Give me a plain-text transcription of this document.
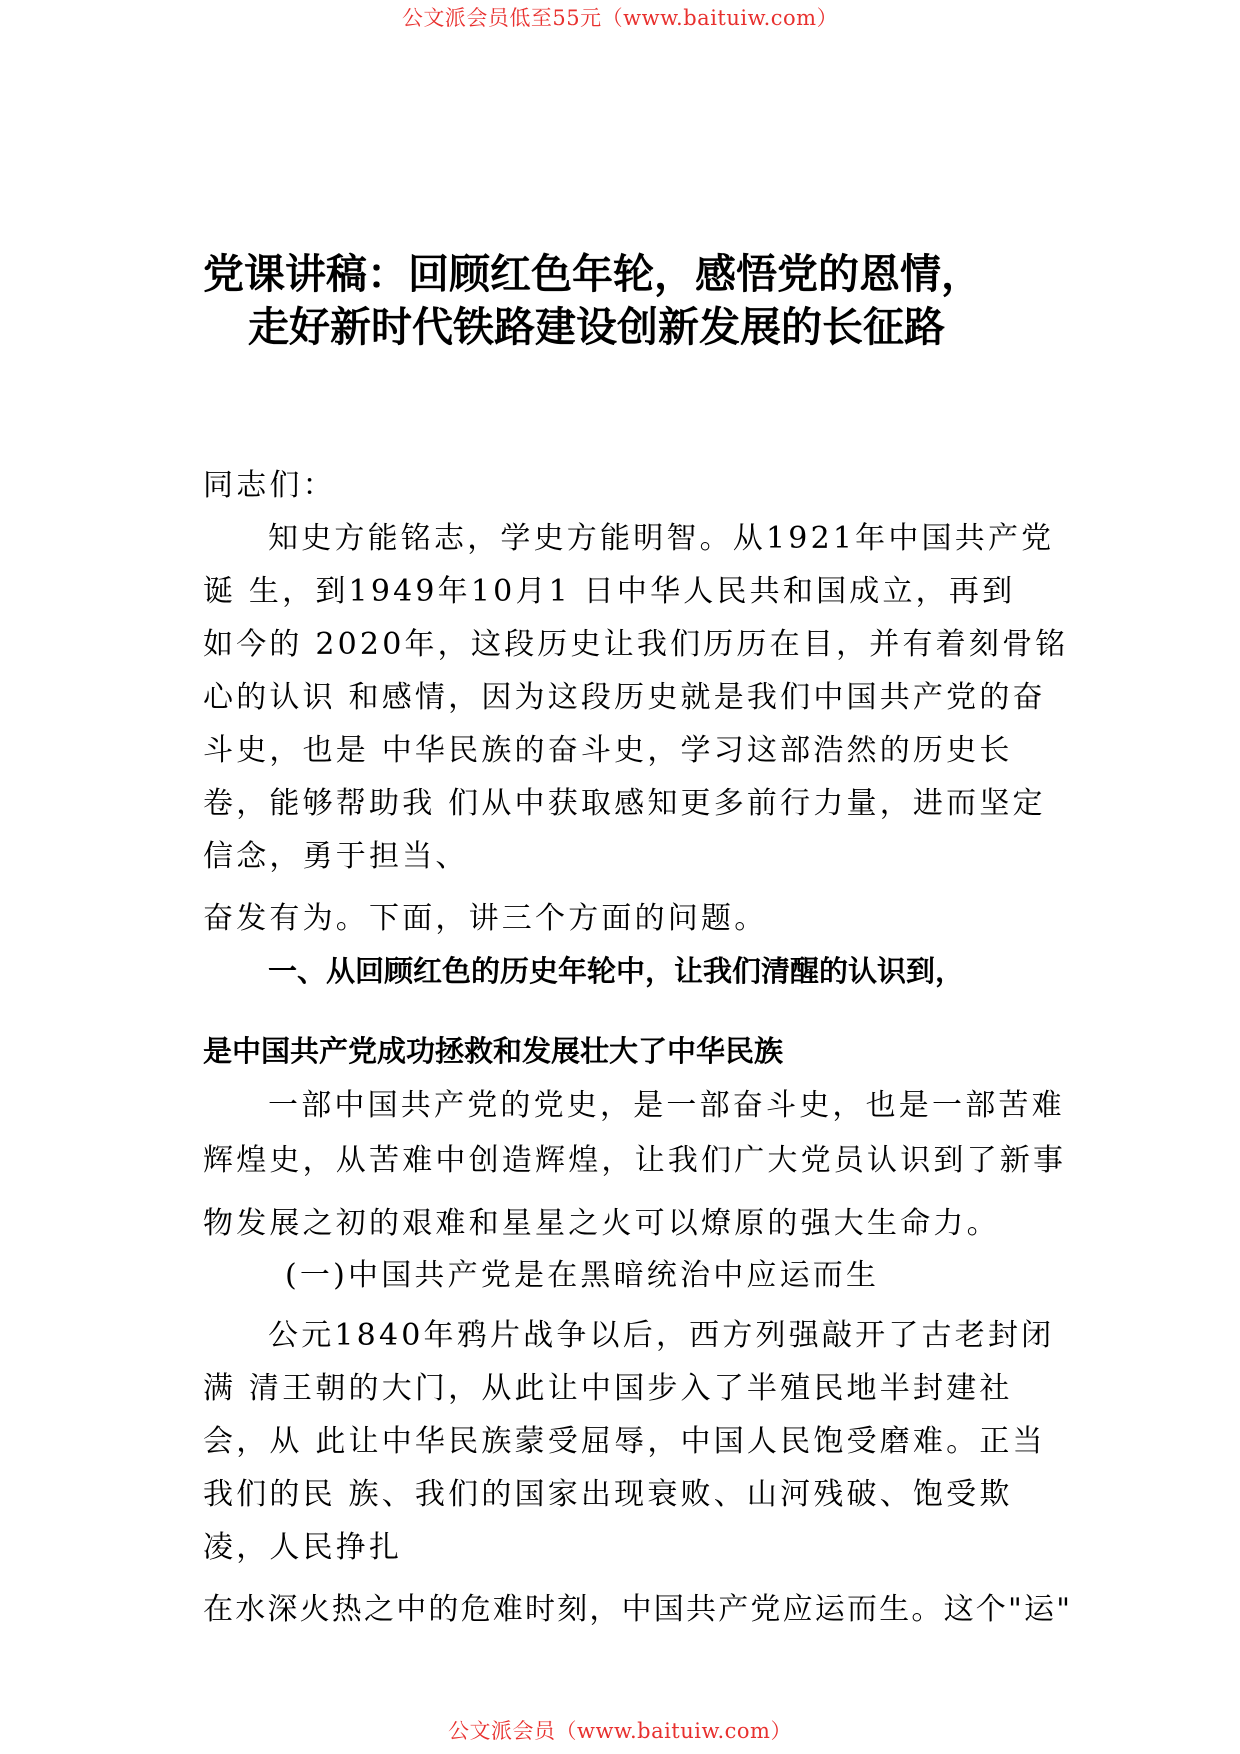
公文派会员低至55元（www.baituiw.com）
党课讲稿：回顾红色年轮，感悟党的恩情，
走好新时代铁路建设创新发展的长征路
同志们：
知史方能铭志，学史方能明智。从1921年中国共产党
诞 生，到1949年10月1 日中华人民共和国成立，再到
如今的 2020年，这段历史让我们历历在目，并有着刻骨铭
心的认识 和感情，因为这段历史就是我们中国共产党的奋
斗史，也是 中华民族的奋斗史，学习这部浩然的历史长
卷，能够帮助我 们从中获取感知更多前行力量，进而坚定
信念，勇于担当、
奋发有为。下面，讲三个方面的问题。
一、从回顾红色的历史年轮中，让我们清醒的认识到，
是中国共产党成功拯救和发展壮大了中华民族
一部中国共产党的党史，是一部奋斗史，也是一部苦难
辉煌史，从苦难中创造辉煌，让我们广大党员认识到了新事
物发展之初的艰难和星星之火可以燎原的强大生命力。
(一)中国共产党是在黑暗统治中应运而生
公元1840年鸦片战争以后，西方列强敲开了古老封闭
满 清王朝的大门，从此让中国步入了半殖民地半封建社
会，从 此让中华民族蒙受屈辱，中国人民饱受磨难。正当
我们的民 族、我们的国家出现衰败、山河残破、饱受欺
凌，人民挣扎
在水深火热之中的危难时刻，中国共产党应运而生。这个"运"
公文派会员（www.baituiw.com）
